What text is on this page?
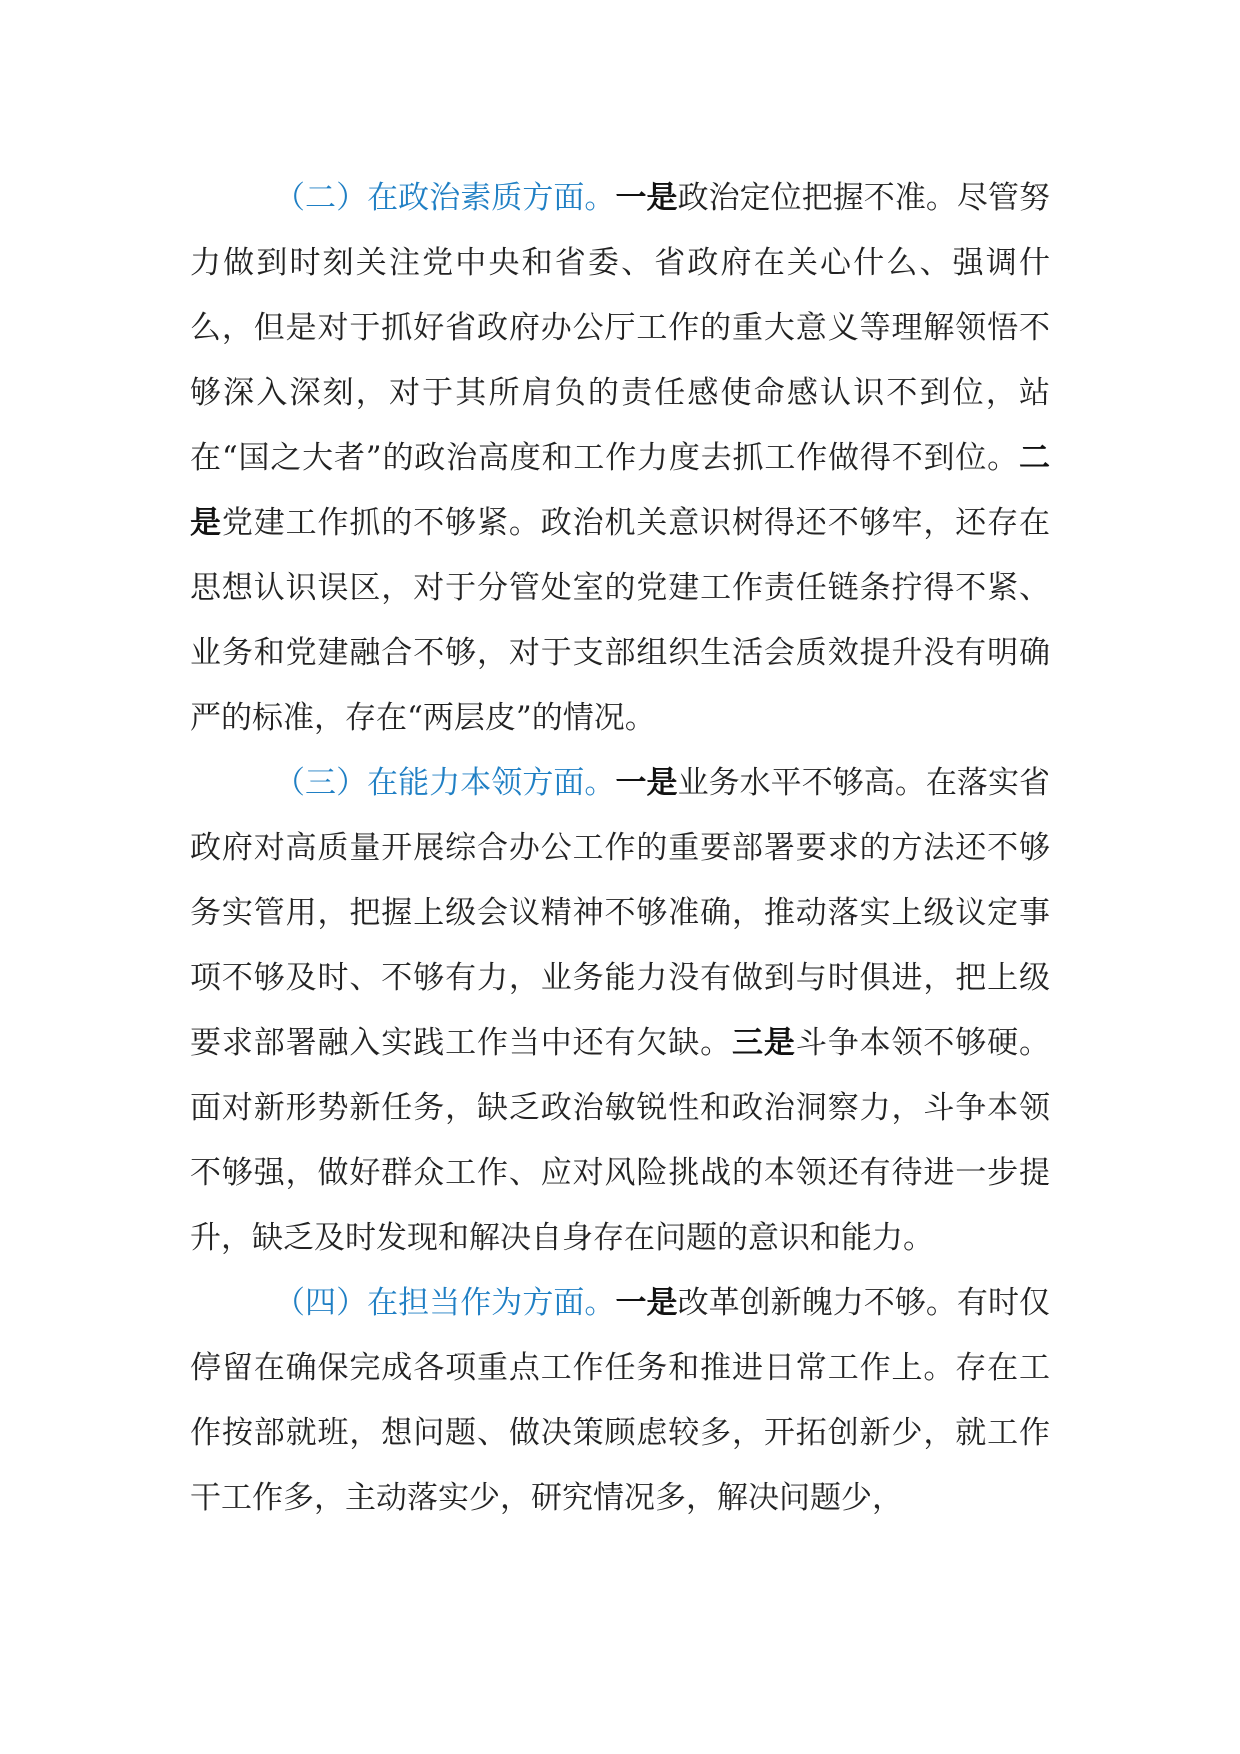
（二）在政治素质方面。一是政治定位把握不准。尽管努力做到时刻关注党中央和省委、省政府在关心什么、强调什么，但是对于抓好省政府办公厅工作的重大意义等理解领悟不够深入深刻，对于其所肩负的责任感使命感认识不到位，站在“国之大者”的政治高度和工作力度去抓工作做得不到位。二是党建工作抓的不够紧。政治机关意识树得还不够牢，还存在思想认识误区，对于分管处室的党建工作责任链条拧得不紧、业务和党建融合不够，对于支部组织生活会质效提升没有明确严的标准，存在“两层皮”的情况。

（三）在能力本领方面。一是业务水平不够高。在落实省政府对高质量开展综合办公工作的重要部署要求的方法还不够务实管用，把握上级会议精神不够准确，推动落实上级议定事项不够及时、不够有力，业务能力没有做到与时俱进，把上级要求部署融入实践工作当中还有欠缺。三是斗争本领不够硬。面对新形势新任务，缺乏政治敏锐性和政治洞察力，斗争本领不够强，做好群众工作、应对风险挑战的本领还有待进一步提升，缺乏及时发现和解决自身存在问题的意识和能力。

（四）在担当作为方面。一是改革创新魄力不够。有时仅停留在确保完成各项重点工作任务和推进日常工作上。存在工作按部就班，想问题、做决策顾虑较多，开拓创新少，就工作干工作多，主动落实少，研究情况多，解决问题少，
